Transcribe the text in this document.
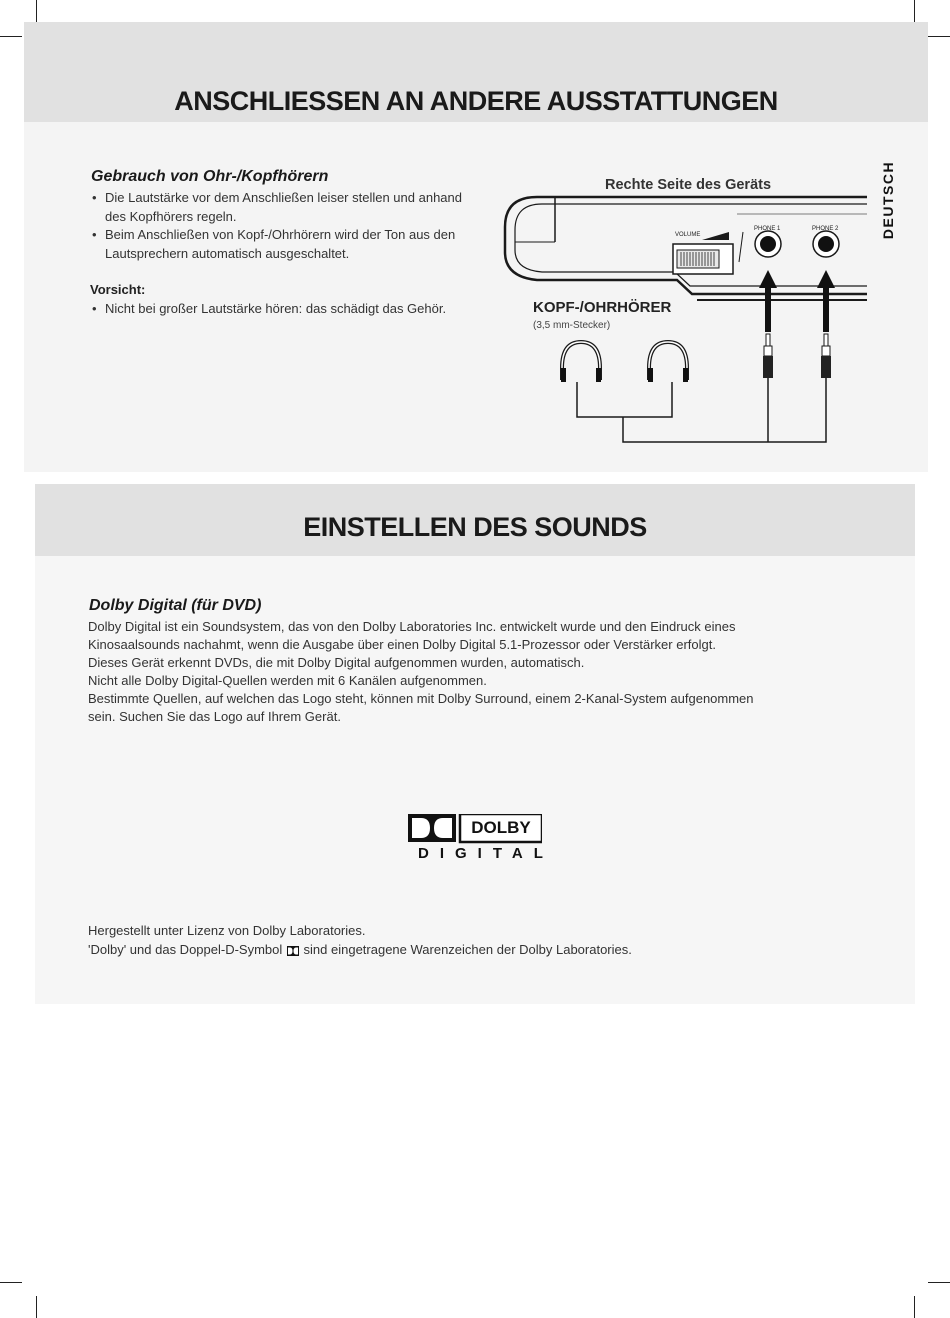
ANSCHLIESSEN AN ANDERE AUSSTATTUNGEN
DEUTSCH
Gebrauch von Ohr-/Kopfhörern
• Die Lautstärke vor dem Anschließen leiser stellen und anhand des Kopfhörers regeln.
• Beim Anschließen von Kopf-/Ohrhörern wird der Ton aus den Lautsprechern automatisch ausgeschaltet.

Vorsicht:

• Nicht bei großer Lautstärke hören: das schädigt das Gehör.
Rechte Seite des Geräts
VOLUME
PHONE 1	PHONE 2
KOPF-/OHRHÖRER
(3,5 mm-Stecker)
EINSTELLEN DES SOUNDS
Dolby Digital (für DVD)
Dolby Digital ist ein Soundsystem, das von den Dolby Laboratories Inc. entwickelt wurde und den Eindruck eines
Kinosaalsounds nachahmt, wenn die Ausgabe über einen Dolby Digital 5.1-Prozessor oder Verstärker erfolgt.
Dieses Gerät erkennt DVDs, die mit Dolby Digital aufgenommen wurden, automatisch.
Nicht alle Dolby Digital-Quellen werden mit 6 Kanälen aufgenommen.
Bestimmte Quellen, auf welchen das Logo steht, können mit Dolby Surround, einem 2-Kanal-System aufgenommen
sein. Suchen Sie das Logo auf Ihrem Gerät.
DOLBY
DIGITAL
Hergestellt unter Lizenz von Dolby Laboratories.
'Dolby' und das Doppel-D-Symbol sind eingetragene Warenzeichen der Dolby Laboratories.
